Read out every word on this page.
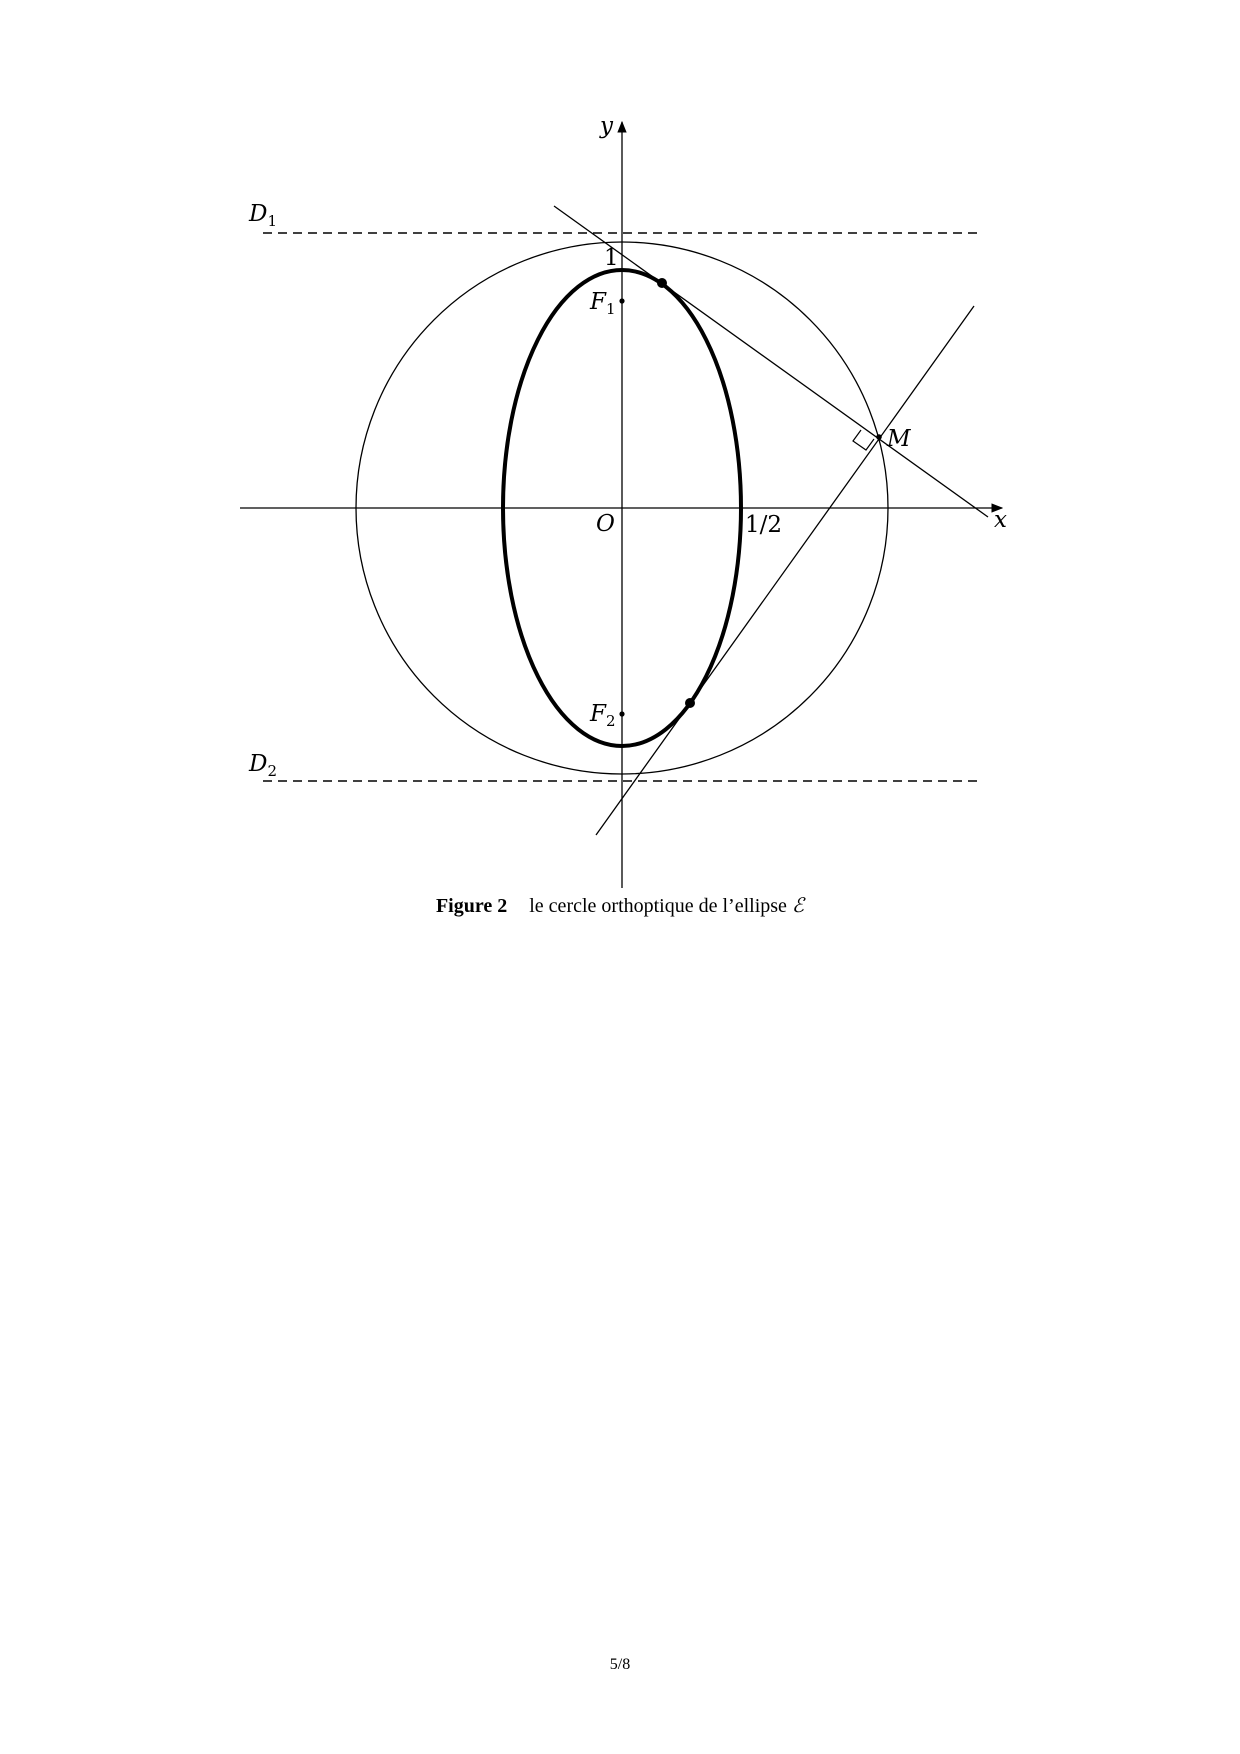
y
x
O	1/2
1
$F_1$
$F_2$
$D_1$
$D_2$
M
Figure 2 le cercle orthoptique de l’ellipse ℰ
5/8
